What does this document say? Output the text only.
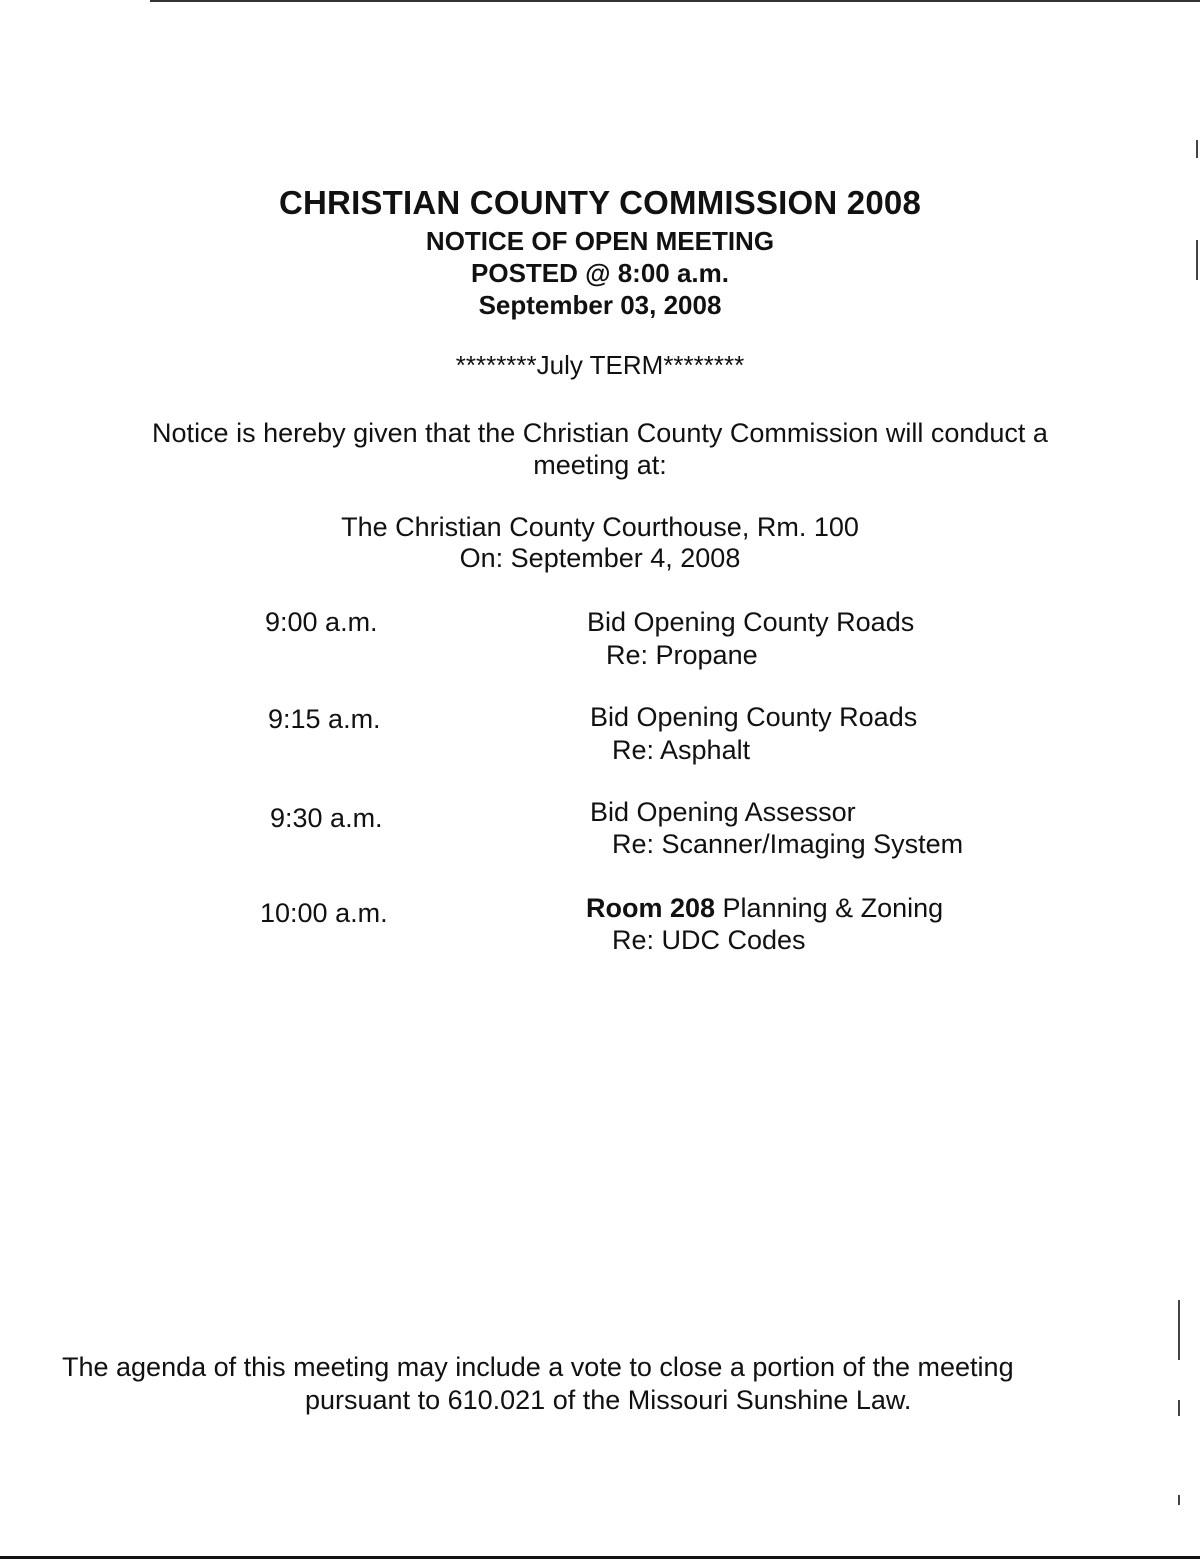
CHRISTIAN COUNTY COMMISSION 2008
NOTICE OF OPEN MEETING
POSTED @ 8:00 a.m.
September 03, 2008
********July TERM********
Notice is hereby given that the Christian County Commission will conduct a meeting at:
The Christian County Courthouse, Rm. 100
On: September 4, 2008
9:00 a.m.	Bid Opening County Roads
Re: Propane
9:15 a.m.	Bid Opening County Roads
Re: Asphalt
9:30 a.m.	Bid Opening Assessor
Re: Scanner/Imaging System
10:00 a.m.	Room 208 Planning & Zoning
Re: UDC Codes
The agenda of this meeting may include a vote to close a portion of the meeting
pursuant to 610.021 of the Missouri Sunshine Law.
